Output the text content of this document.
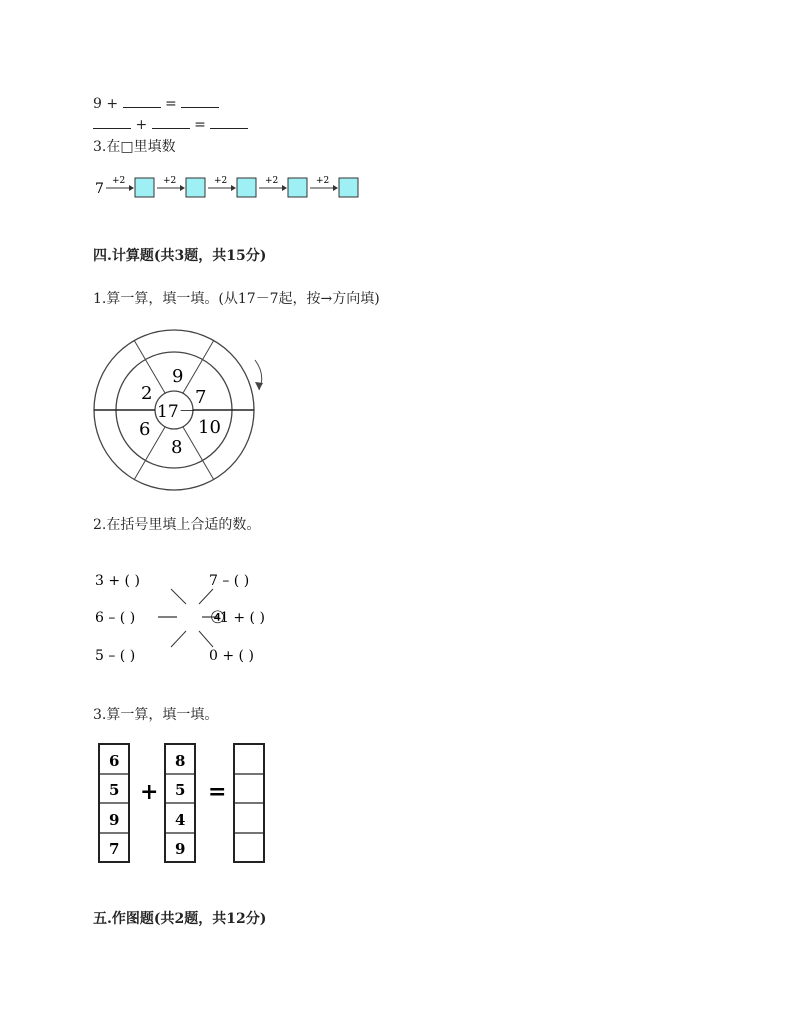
9 +	=
+	=
3.在□里填数
7 +2	+2	+2	+2	+2
四.计算题(共3题，共15分)
1.算一算，填一填。(从17－7起，按→方向填)
17－
9
7
10
8
6
2
2.在括号里填上合适的数。
3 + ( )	7 – ( )
6 – ( )	1 + ( )
5 – ( )	0 + ( )
④
3.算一算，填一填。
6
5
9
7
+
8
5
4
9
=
五.作图题(共2题，共12分)
